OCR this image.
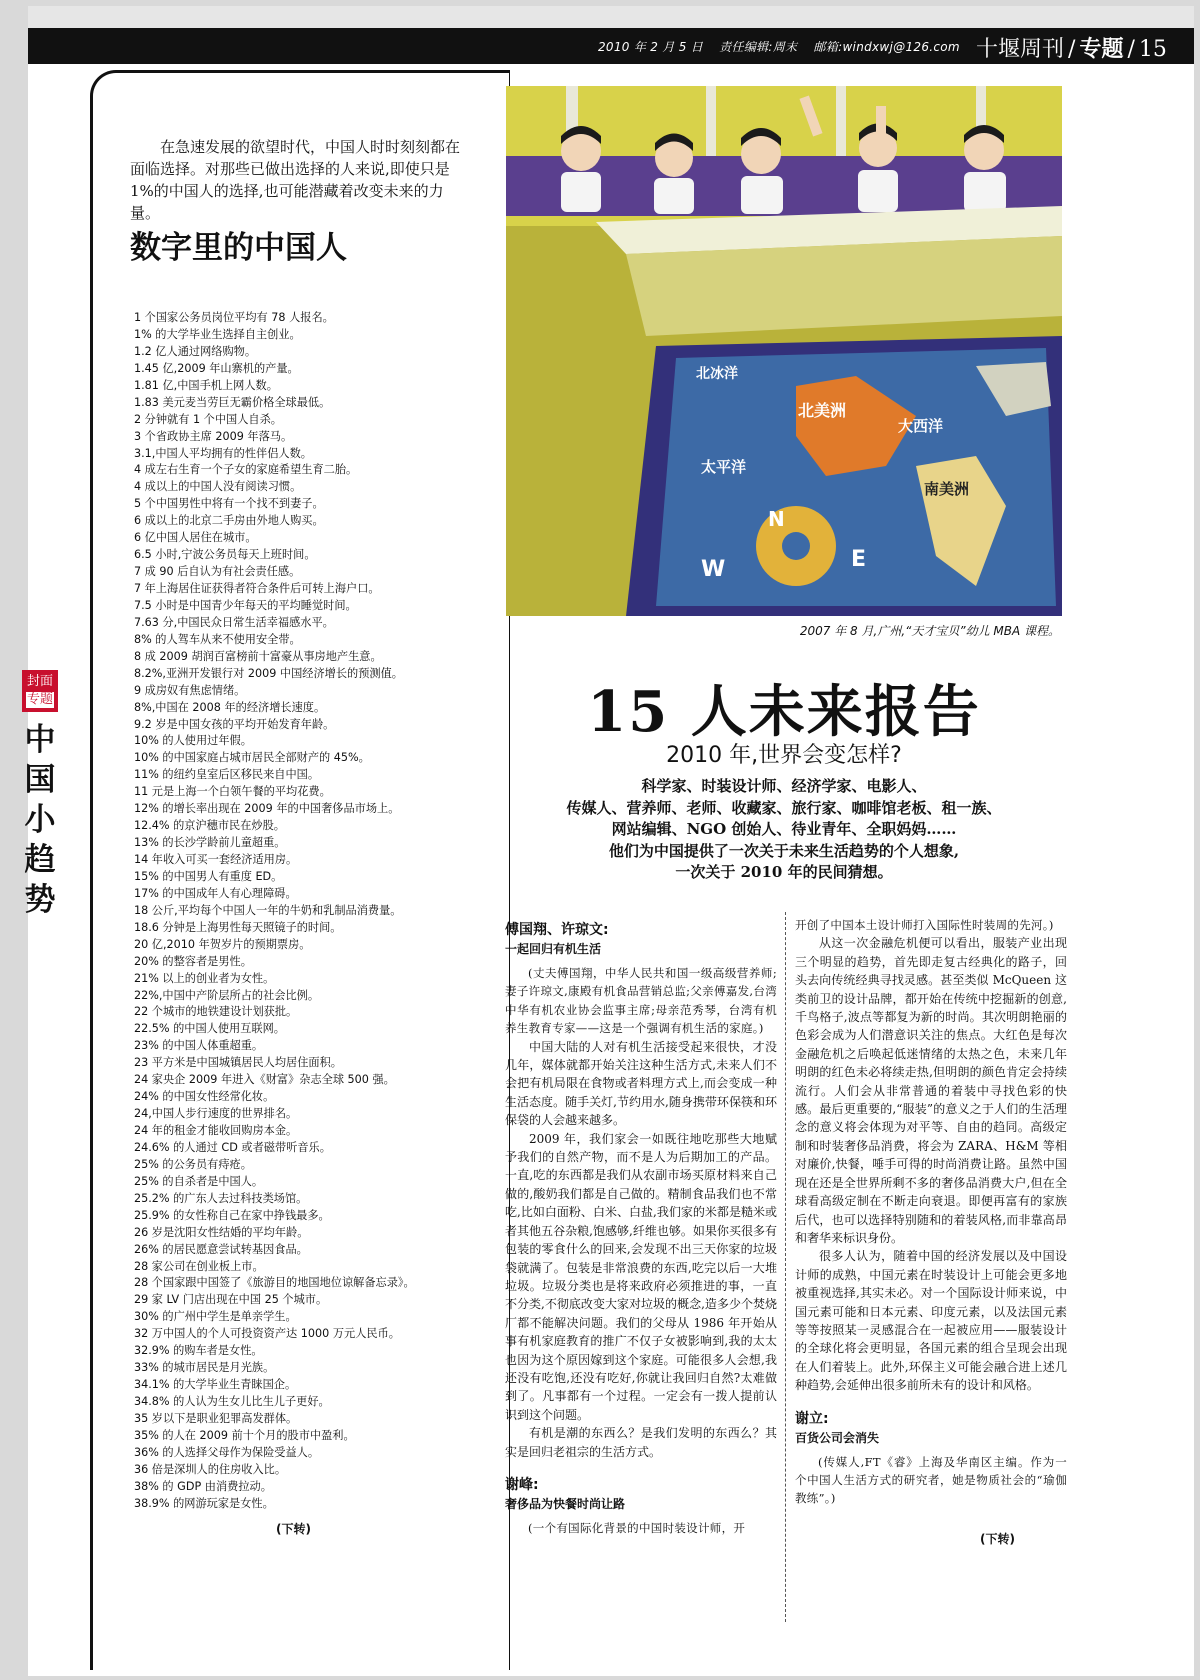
2010 年 2 月 5 日 责任编辑:周末 邮箱:windxwj@126.com 十堰周刊 / 专题 / 15
封面
专题
中国小趋势

在急速发展的欲望时代，中国人时时刻刻都在面临选择。对那些已做出选择的人来说,即使只是1%的中国人的选择,也可能潜藏着改变未来的力量。

数字里的中国人
1 个国家公务员岗位平均有 78 人报名。
1% 的大学毕业生选择自主创业。
1.2 亿人通过网络购物。
1.45 亿,2009 年山寨机的产量。
1.81 亿,中国手机上网人数。
1.83 美元麦当劳巨无霸价格全球最低。
2 分钟就有 1 个中国人自杀。
3 个省政协主席 2009 年落马。
3.1,中国人平均拥有的性伴侣人数。
4 成左右生育一个子女的家庭希望生育二胎。
4 成以上的中国人没有阅读习惯。
5 个中国男性中将有一个找不到妻子。
6 成以上的北京二手房由外地人购买。
6 亿中国人居住在城市。
6.5 小时,宁波公务员每天上班时间。
7 成 90 后自认为有社会责任感。
7 年上海居住证获得者符合条件后可转上海户口。
7.5 小时是中国青少年每天的平均睡觉时间。
7.63 分,中国民众日常生活幸福感水平。
8% 的人驾车从来不使用安全带。
8 成 2009 胡润百富榜前十富豪从事房地产生意。
8.2%,亚洲开发银行对 2009 中国经济增长的预测值。
9 成房奴有焦虑情绪。
8%,中国在 2008 年的经济增长速度。
9.2 岁是中国女孩的平均开始发育年龄。
10% 的人使用过年假。
10% 的中国家庭占城市居民全部财产的 45%。
11% 的纽约皇室后区移民来自中国。
11 元是上海一个白领午餐的平均花费。
12% 的增长率出现在 2009 年的中国奢侈品市场上。
12.4% 的京沪穗市民在炒股。
13% 的长沙学龄前儿童超重。
14 年收入可买一套经济适用房。
15% 的中国男人有重度 ED。
17% 的中国成年人有心理障碍。
18 公斤,平均每个中国人一年的牛奶和乳制品消费量。
18.6 分钟是上海男性每天照镜子的时间。
20 亿,2010 年贺岁片的预期票房。
20% 的整容者是男性。
21% 以上的创业者为女性。
22%,中国中产阶层所占的社会比例。
22 个城市的地铁建设计划获批。
22.5% 的中国人使用互联网。
23% 的中国人体重超重。
23 平方米是中国城镇居民人均居住面积。
24 家央企 2009 年进入《财富》杂志全球 500 强。
24% 的中国女性经常化妆。
24,中国人步行速度的世界排名。
24 年的租金才能收回购房本金。
24.6% 的人通过 CD 或者磁带听音乐。
25% 的公务员有痔疮。
25% 的自杀者是中国人。
25.2% 的广东人去过科技类场馆。
25.9% 的女性称自己在家中挣钱最多。
26 岁是沈阳女性结婚的平均年龄。
26% 的居民愿意尝试转基因食品。
28 家公司在创业板上市。
28 个国家跟中国签了《旅游目的地国地位谅解备忘录》。
29 家 LV 门店出现在中国 25 个城市。
30% 的广州中学生是单亲学生。
32 万中国人的个人可投资资产达 1000 万元人民币。
32.9% 的购车者是女性。
33% 的城市居民是月光族。
34.1% 的大学毕业生青睐国企。
34.8% 的人认为生女儿比生儿子更好。
35 岁以下是职业犯罪高发群体。
35% 的人在 2009 前十个月的股市中盈利。
36% 的人选择父母作为保险受益人。
36 倍是深圳人的住房收入比。
38% 的 GDP 由消费拉动。
38.9% 的网游玩家是女性。
(下转)
北冰洋
北美洲
大西洋
太平洋
南美洲
N
W	E
2007 年 8 月,广州,“天才宝贝”幼儿 MBA 课程。
15 人未来报告
2010 年,世界会变怎样?
科学家、时装设计师、经济学家、电影人、
传媒人、营养师、老师、收藏家、旅行家、咖啡馆老板、租一族、
网站编辑、NGO 创始人、待业青年、全职妈妈……
他们为中国提供了一次关于未来生活趋势的个人想象,
一次关于 2010 年的民间猜想。
傅国翔、许琼文:
一起回归有机生活

(丈夫傅国翔，中华人民共和国一级高级营养师;妻子许琼文,康殿有机食品营销总监;父亲傅嘉发,台湾中华有机农业协会监事主席;母亲范秀琴，台湾有机养生教育专家——这是一个强调有机生活的家庭。)

中国大陆的人对有机生活接受起来很快，才没几年，媒体就都开始关注这种生活方式,未来人们不会把有机局限在食物或者料理方式上,而会变成一种生活态度。随手关灯,节约用水,随身携带环保筷和环保袋的人会越来越多。

2009 年，我们家会一如既往地吃那些大地赋予我们的自然产物，而不是人为后期加工的产品。一直,吃的东西都是我们从农副市场买原材料来自己做的,酸奶我们都是自己做的。精制食品我们也不常吃,比如白面粉、白米、白盐,我们家的米都是糙米或者其他五谷杂粮,饱感够,纤维也够。如果你买很多有包装的零食什么的回来,会发现不出三天你家的垃圾袋就满了。包装是非常浪费的东西,吃完以后一大堆垃圾。垃圾分类也是将来政府必须推进的事，一直不分类,不彻底改变大家对垃圾的概念,造多少个焚烧厂都不能解决问题。我们的父母从 1986 年开始从事有机家庭教育的推广不仅子女被影响到,我的太太也因为这个原因嫁到这个家庭。可能很多人会想,我还没有吃饱,还没有吃好,你就让我回归自然?太难做到了。凡事都有一个过程。一定会有一拨人提前认识到这个问题。

有机是潮的东西么？是我们发明的东西么？其实是回归老祖宗的生活方式。

谢峰:
奢侈品为快餐时尚让路

(一个有国际化背景的中国时装设计师，开

开创了中国本土设计师打入国际性时装周的先河。)

从这一次金融危机便可以看出，服装产业出现三个明显的趋势，首先即走复古经典化的路子，回头去向传统经典寻找灵感。甚至类似 McQueen 这类前卫的设计品牌，都开始在传统中挖掘新的创意,千鸟格子,波点等都复为新的时尚。其次明朗艳丽的色彩会成为人们潜意识关注的焦点。大红色是每次金融危机之后唤起低迷情绪的太热之色，未来几年明朗的红色未必将续走热,但明朗的颜色肯定会持续流行。人们会从非常普通的着装中寻找色彩的快感。最后更重要的,“服装”的意义之于人们的生活理念的意义将会体现为对平等、自由的趋同。高级定制和时装奢侈品消费，将会为 ZARA、H&M 等相对廉价,快餐，唾手可得的时尚消费让路。虽然中国现在还是全世界所剩不多的奢侈品消费大户,但在全球看高级定制在不断走向衰退。即便再富有的家族后代，也可以选择特别随和的着装风格,而非靠高昂和奢华来标识身份。

很多人认为，随着中国的经济发展以及中国设计师的成熟，中国元素在时装设计上可能会更多地被重视选择,其实未必。对一个国际设计师来说，中国元素可能和日本元素、印度元素，以及法国元素等等按照某一灵感混合在一起被应用——服装设计的全球化将会更明显，各国元素的组合呈现会出现在人们着装上。此外,环保主义可能会融合进上述几种趋势,会延伸出很多前所未有的设计和风格。

谢立:
百货公司会消失

(传媒人,FT《睿》上海及华南区主编。作为一个中国人生活方式的研究者，她是物质社会的“瑜伽教练”。)

(下转)
